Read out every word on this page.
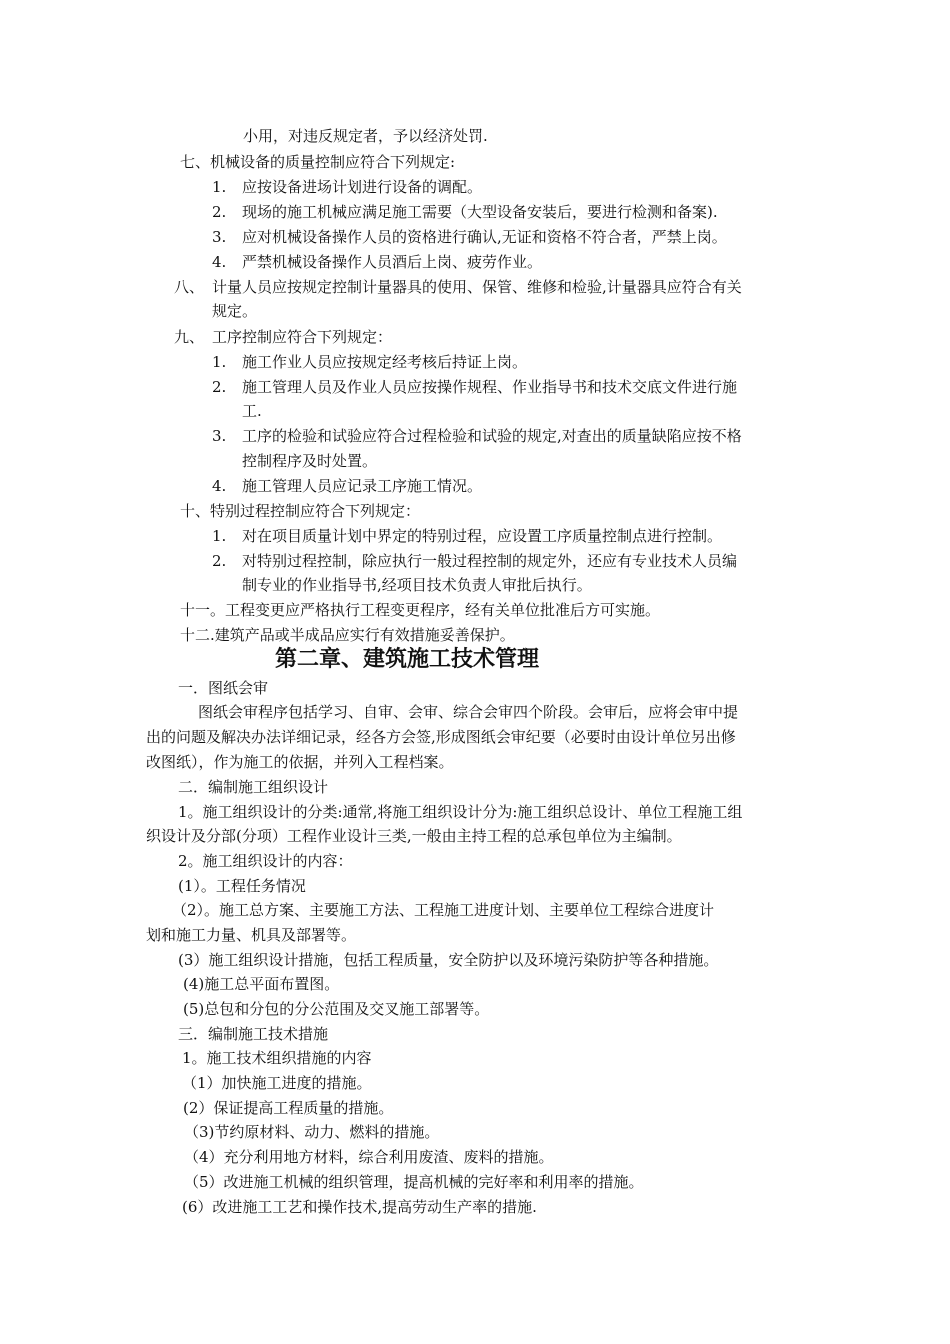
小用，对违反规定者，予以经济处罚.
七、机械设备的质量控制应符合下列规定:
1. 应按设备进场计划进行设备的调配。
2. 现场的施工机械应满足施工需要（大型设备安装后，要进行检测和备案).
3. 应对机械设备操作人员的资格进行确认,无证和资格不符合者，严禁上岗。
4. 严禁机械设备操作人员酒后上岗、疲劳作业。
八、 计量人员应按规定控制计量器具的使用、保管、维修和检验,计量器具应符合有关
规定。
九、 工序控制应符合下列规定：
1. 施工作业人员应按规定经考核后持证上岗。
2. 施工管理人员及作业人员应按操作规程、作业指导书和技术交底文件进行施
工.
3. 工序的检验和试验应符合过程检验和试验的规定,对查出的质量缺陷应按不格
控制程序及时处置。
4. 施工管理人员应记录工序施工情况。
十、特别过程控制应符合下列规定：
1. 对在项目质量计划中界定的特别过程，应设置工序质量控制点进行控制。
2. 对特别过程控制，除应执行一般过程控制的规定外，还应有专业技术人员编
制专业的作业指导书,经项目技术负责人审批后执行。
十一。工程变更应严格执行工程变更程序，经有关单位批准后方可实施。
十二.建筑产品或半成品应实行有效措施妥善保护。
第二章、建筑施工技术管理
一．图纸会审
图纸会审程序包括学习、自审、会审、综合会审四个阶段。会审后，应将会审中提
出的问题及解决办法详细记录，经各方会签,形成图纸会审纪要（必要时由设计单位另出修
改图纸），作为施工的依据，并列入工程档案。
二．编制施工组织设计
1。施工组织设计的分类:通常,将施工组织设计分为:施工组织总设计、单位工程施工组
织设计及分部(分项）工程作业设计三类,一般由主持工程的总承包单位为主编制。
2。施工组织设计的内容：
(1）。工程任务情况
（2）。施工总方案、主要施工方法、工程施工进度计划、主要单位工程综合进度计
划和施工力量、机具及部署等。
(3）施工组织设计措施，包括工程质量，安全防护以及环境污染防护等各种措施。
(4)施工总平面布置图。
(5)总包和分包的分公范围及交叉施工部署等。
三．编制施工技术措施
1。施工技术组织措施的内容
（1）加快施工进度的措施。
(2）保证提高工程质量的措施。
（3)节约原材料、动力、燃料的措施。
（4）充分利用地方材料，综合利用废渣、废料的措施。
（5）改进施工机械的组织管理，提高机械的完好率和利用率的措施。
(6）改进施工工艺和操作技术,提高劳动生产率的措施.
